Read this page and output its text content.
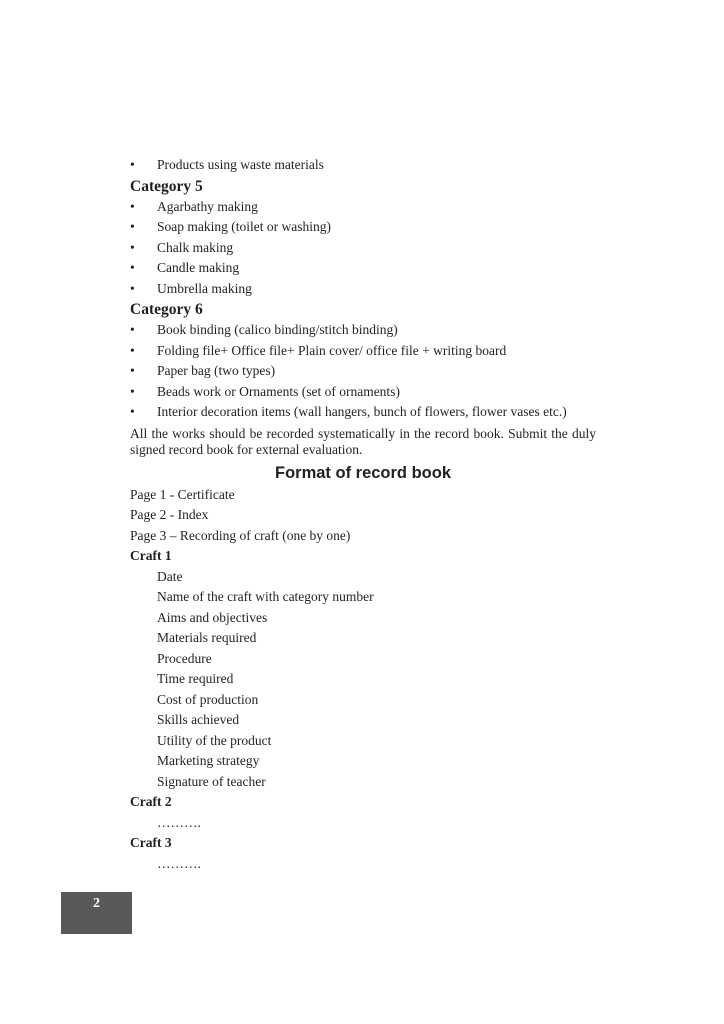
• Products using waste materials
Category 5
• Agarbathy making
• Soap making (toilet or washing)
• Chalk making
• Candle making
• Umbrella making
Category 6
• Book binding (calico binding/stitch binding)
• Folding file+ Office file+ Plain cover/ office file + writing board
• Paper bag (two types)
• Beads work or Ornaments (set of ornaments)
• Interior decoration items (wall hangers, bunch of flowers, flower vases etc.)

All the works should be recorded systematically in the record book. Submit the duly signed record book for external evaluation.

Format of record book
Page 1 - Certificate
Page 2 - Index
Page 3 – Recording of craft (one by one)
Craft 1
Date
Name of the craft with category number
Aims and objectives
Materials required
Procedure
Time required
Cost of production
Skills achieved
Utility of the product
Marketing strategy
Signature of teacher
Craft 2
……….
Craft 3
……….
2
